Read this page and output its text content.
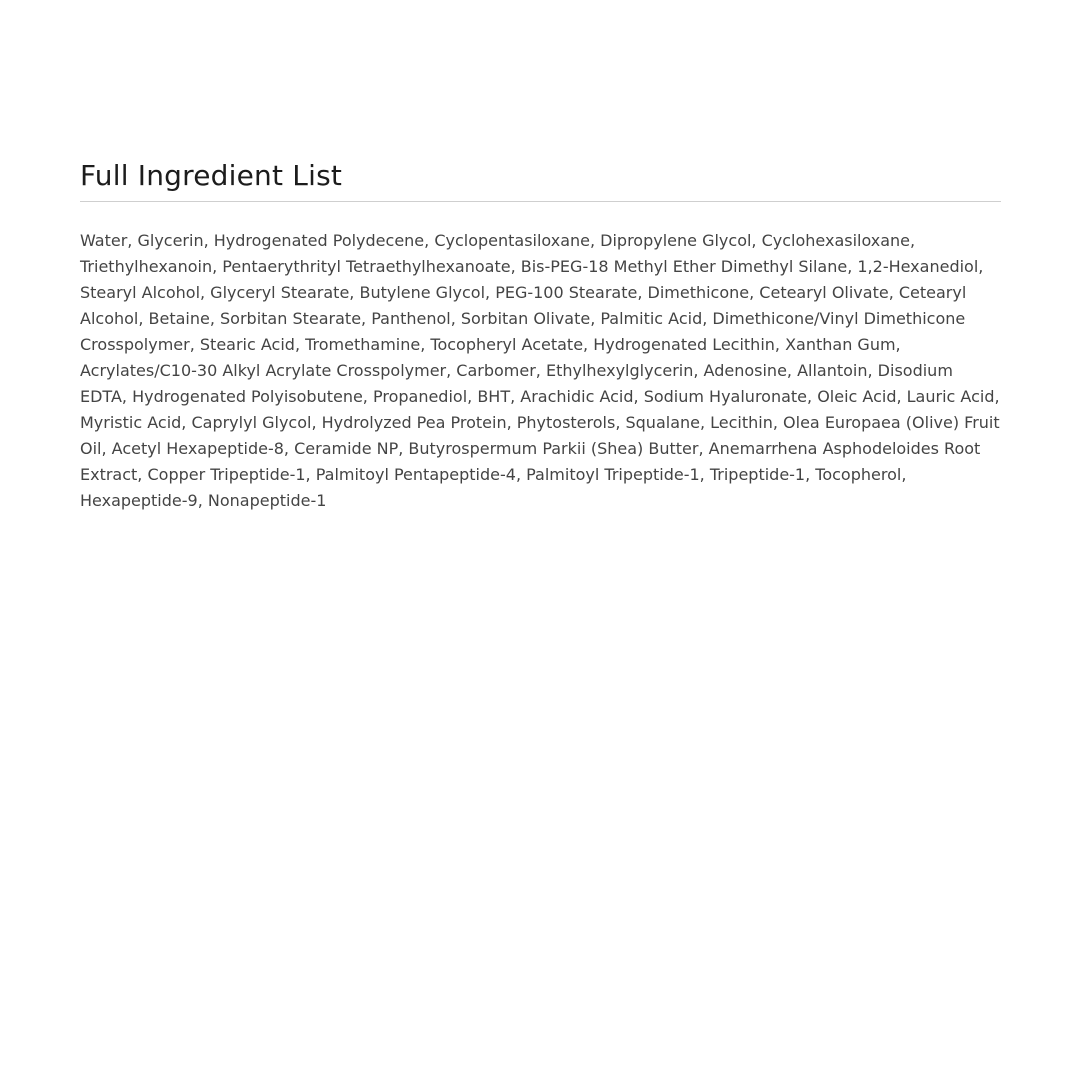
Full Ingredient List

Water, Glycerin, Hydrogenated Polydecene, Cyclopentasiloxane, Dipropylene Glycol, Cyclohexasiloxane, Triethylhexanoin, Pentaerythrityl Tetraethylhexanoate, Bis-PEG-18 Methyl Ether Dimethyl Silane, 1,2-Hexanediol, Stearyl Alcohol, Glyceryl Stearate, Butylene Glycol, PEG-100 Stearate, Dimethicone, Cetearyl Olivate, Cetearyl Alcohol, Betaine, Sorbitan Stearate, Panthenol, Sorbitan Olivate, Palmitic Acid, Dimethicone/Vinyl Dimethicone Crosspolymer, Stearic Acid, Tromethamine, Tocopheryl Acetate, Hydrogenated Lecithin, Xanthan Gum, Acrylates/C10-30 Alkyl Acrylate Crosspolymer, Carbomer, Ethylhexylglycerin, Adenosine, Allantoin, Disodium EDTA, Hydrogenated Polyisobutene, Propanediol, BHT, Arachidic Acid, Sodium Hyaluronate, Oleic Acid, Lauric Acid, Myristic Acid, Caprylyl Glycol, Hydrolyzed Pea Protein, Phytosterols, Squalane, Lecithin, Olea Europaea (Olive) Fruit Oil, Acetyl Hexapeptide-8, Ceramide NP, Butyrospermum Parkii (Shea) Butter, Anemarrhena Asphodeloides Root Extract, Copper Tripeptide-1, Palmitoyl Pentapeptide-4, Palmitoyl Tripeptide-1, Tripeptide-1, Tocopherol, Hexapeptide-9, Nonapeptide-1
